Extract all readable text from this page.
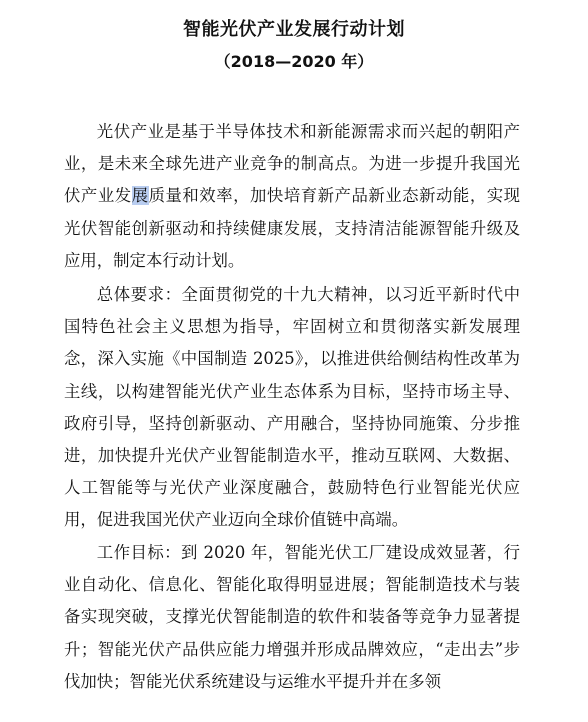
智能光伏产业发展行动计划
（2018—2020 年）

光伏产业是基于半导体技术和新能源需求而兴起的朝阳产业，是未来全球先进产业竞争的制高点。为进一步提升我国光伏产业发展质量和效率，加快培育新产品新业态新动能，实现光伏智能创新驱动和持续健康发展，支持清洁能源智能升级及应用，制定本行动计划。

总体要求：全面贯彻党的十九大精神，以习近平新时代中国特色社会主义思想为指导，牢固树立和贯彻落实新发展理念，深入实施《中国制造 2025》，以推进供给侧结构性改革为主线，以构建智能光伏产业生态体系为目标，坚持市场主导、政府引导，坚持创新驱动、产用融合，坚持协同施策、分步推进，加快提升光伏产业智能制造水平，推动互联网、大数据、人工智能等与光伏产业深度融合，鼓励特色行业智能光伏应用，促进我国光伏产业迈向全球价值链中高端。

工作目标：到 2020 年，智能光伏工厂建设成效显著，行业自动化、信息化、智能化取得明显进展；智能制造技术与装备实现突破，支撑光伏智能制造的软件和装备等竞争力显著提升；智能光伏产品供应能力增强并形成品牌效应，“走出去”步伐加快；智能光伏系统建设与运维水平提升并在多领
